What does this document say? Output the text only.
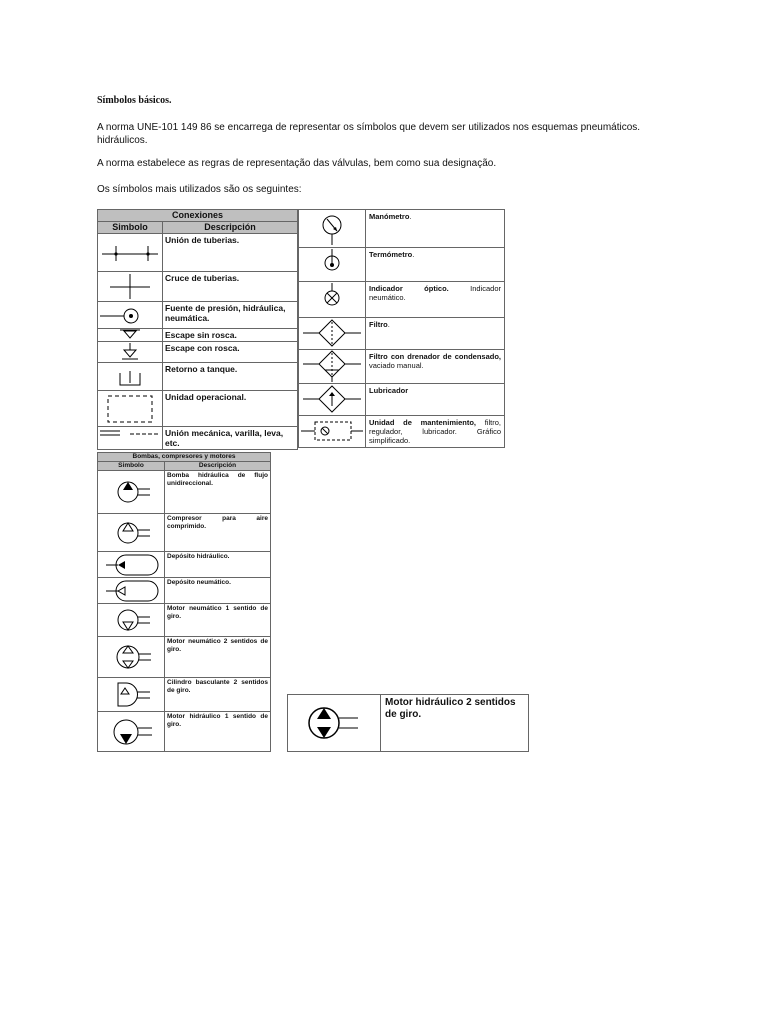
Símbolos básicos.
A norma UNE-101 149 86 se encarrega de representar os símbolos que devem ser utilizados nos esquemas pneumáticos. hidráulicos.
A norma estabelece as regras de representação das válvulas, bem como sua designação.
Os símbolos mais utilizados são os seguintes:
Conexiones	
Simbolo	Descripción

	Unión de tuberias.

	Cruce de tuberias.

	Fuente de presión, hidráulica, neumática.

	Escape sin rosca.

	Escape con rosca.

	Retorno a tanque.

	Unidad operacional.

	Unión mecánica, varilla, leva, etc.
	Manómetro.

	Termómetro.

	Indicador óptico. Indicador neumático.

	Filtro.

	Filtro con drenador de condensado, vaciado manual.

	Lubricador

	Unidad de mantenimiento, filtro, regulador, lubricador. Gráfico simplificado.
Bombas, compresores y motores	
Simbolo	Descripción

	Bomba hidráulica de flujo unidireccional.

	Compresor para aire comprimido.

	Depósito hidráulico.

	Depósito neumático.

	Motor neumático 1 sentido de giro.

	Motor neumático 2 sentidos de giro.

	Cilindro basculante 2 sentidos de giro.

	Motor hidráulico 1 sentido de giro.
	Motor hidráulico 2 sentidos de giro.
